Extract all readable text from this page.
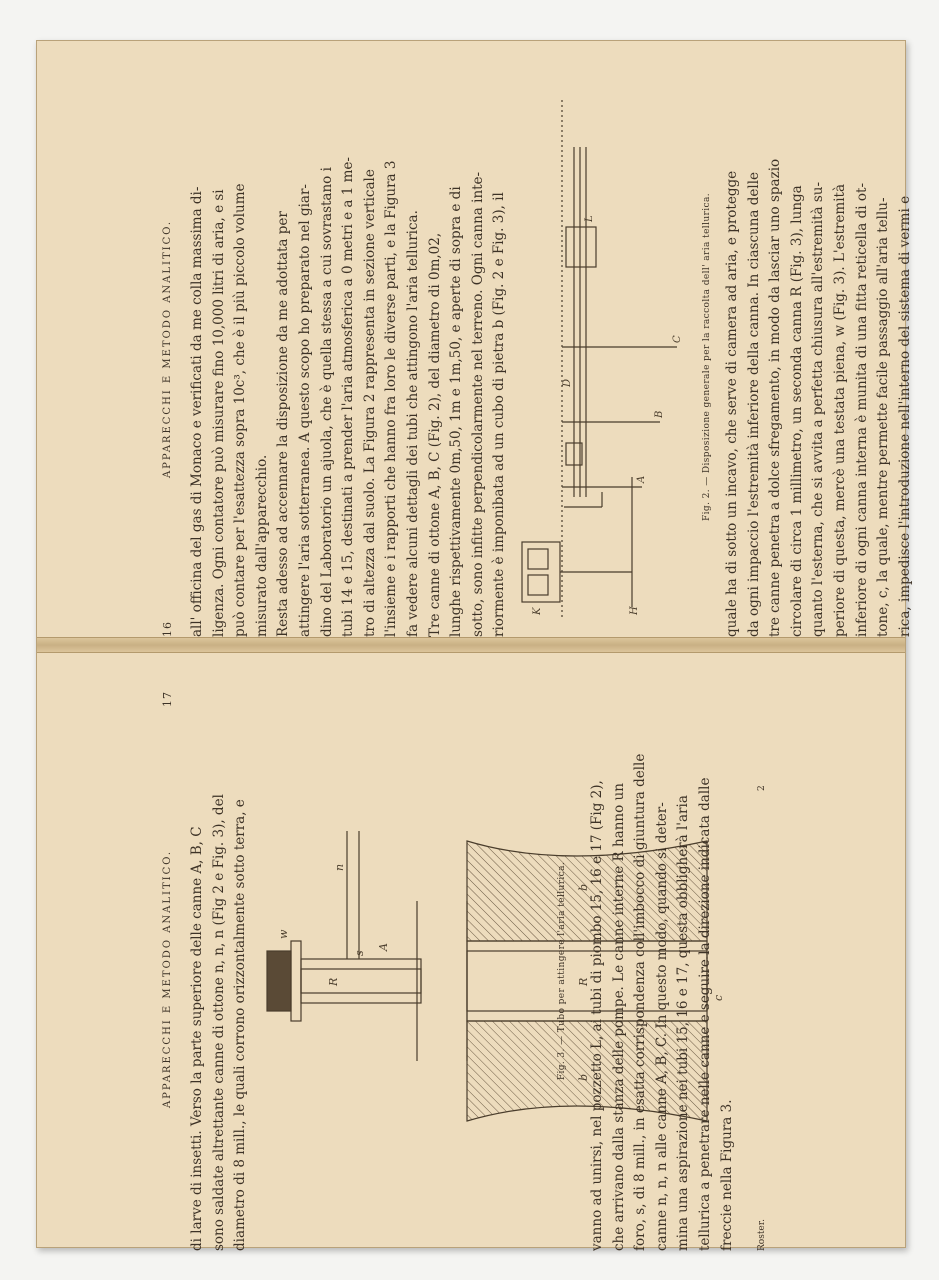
16
APPARECCHI E METODO ANALITICO. all' officina del gas di Monaco e verificati da me colla massima di- ligenza. Ogni contatore può misurare fino 10,000 litri di aria, e si può contare per l'esattezza sopra 10c³, che è il più piccolo volume misurato dall'apparecchio. Resta adesso ad accennare la disposizione da me adottata per attingere l'aria sotterranea. A questo scopo ho preparato nel giar- dino del Laboratorio un ajuola, che è quella stessa a cui sovrastano i tubi 14 e 15, destinati a prender l'aria atmosferica a 0 metri e a 1 me- tro di altezza dal suolo. La Figura 2 rappresenta in sezione verticale l'insieme e i rapporti che hanno fra loro le diverse parti, e la Figura 3 fa vedere alcuni dettagli dei tubi che attingono l'aria tellurica. Tre canne di ottone A, B, C (Fig. 2), del diametro di 0m,02, lunghe rispettivamente 0m,50, 1m e 1m,50, e aperte di sopra e di sotto, sono infitte perpendicolarmente nel terreno. Ogni canna inte- riormente è imponibata ad un cubo di pietra b (Fig. 2 e Fig. 3), il	H
K
A
B
C
L
D	Fig. 2. — Disposizione generale per la raccolta dell' aria tellurica. quale ha di sotto un incavo, che serve di camera ad aria, e protegge da ogni impaccio l'estremità inferiore della canna. In ciascuna delle tre canne penetra a dolce sfregamento, in modo da lasciar uno spazio circolare di circa 1 millimetro, un seconda canna R (Fig. 3), lunga quanto l'esterna, che si avvita a perfetta chiusura all'estremità su- periore di questa, mercè una testata piena, w (Fig. 3). L'estremità inferiore di ogni canna interna è munita di una fitta reticella di ot- tone, c, la quale, mentre permette facile passaggio all'aria tellu- rica, impedisce l'introduzione nell'interno del sistema di vermi e

APPARECCHI E METODO ANALITICO.
17

di larve di insetti. Verso la parte superiore delle canne A, B, C sono saldate altrettante canne di ottone n, n, n (Fig 2 e Fig. 3), del diametro di 8 mill., le quali corrono orizzontalmente sotto terra, e	R
A
n
s
R
b
b
c
w	Fig. 3. — Tubo per attingere l'aria tellurica. vanno ad unirsi, nel pozzetto L, ai tubi di piombo 15, 16 e 17 (Fig 2), che arrivano dalla stanza delle pompe. Le canne interne R hanno un foro, s, di 8 mill., in esatta corrispondenza coll'imbocco di giuntura delle canne n, n, n alle canne A, B, C. In questo modo, quando si deter- mina una aspirazione nei tubi 15, 16 e 17, questa obbligherà l'aria tellurica a penetrare nelle canne e seguire la direzione indicata dalle freccie nella Figura 3.	Roster.
2
